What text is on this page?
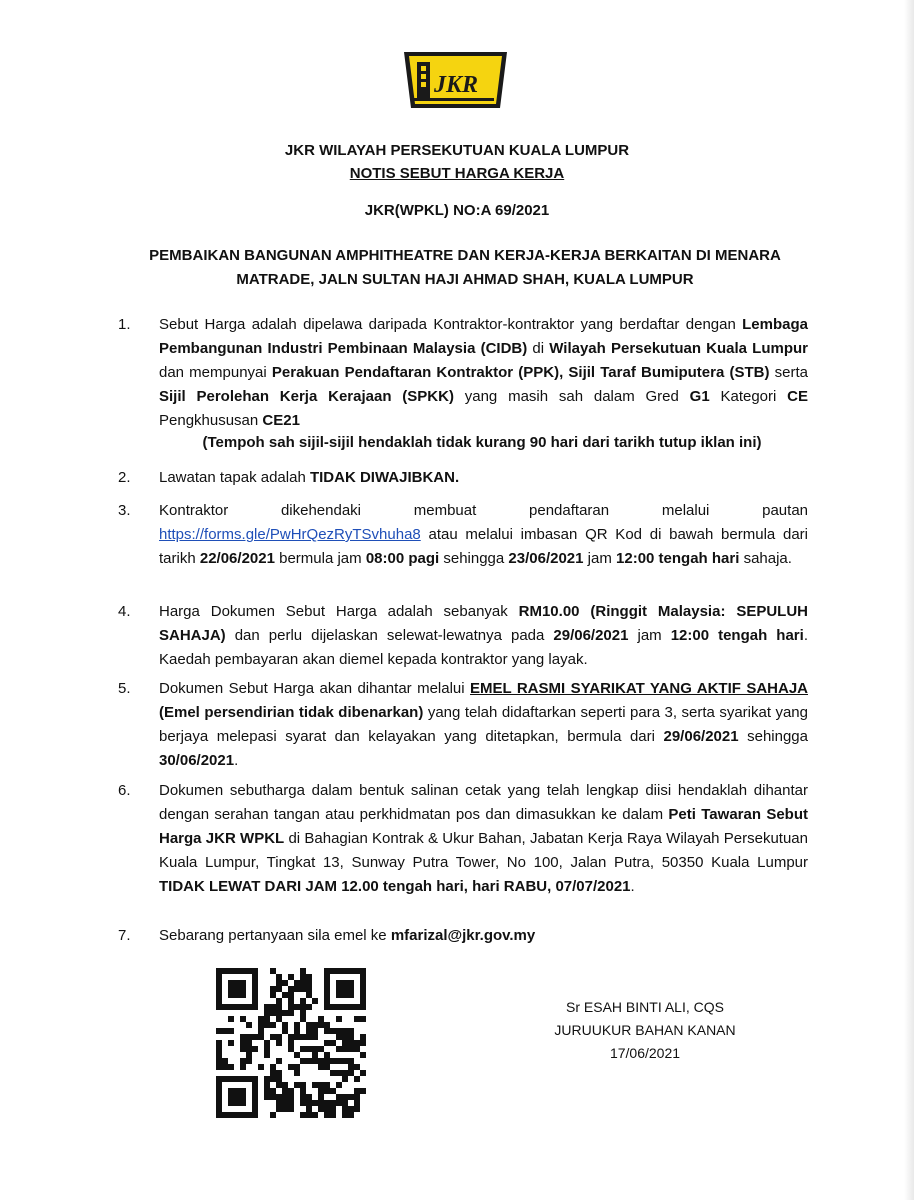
JKR
JKR WILAYAH PERSEKUTUAN KUALA LUMPUR
NOTIS SEBUT HARGA KERJA
JKR(WPKL) NO:A 69/2021
PEMBAIKAN BANGUNAN AMPHITHEATRE DAN KERJA-KERJA BERKAITAN DI MENARA
MATRADE, JALN SULTAN HAJI AHMAD SHAH, KUALA LUMPUR
1.	Sebut Harga adalah dipelawa daripada Kontraktor-kontraktor yang berdaftar dengan Lembaga Pembangunan Industri Pembinaan Malaysia (CIDB) di Wilayah Persekutuan Kuala Lumpur dan mempunyai Perakuan Pendaftaran Kontraktor (PPK), Sijil Taraf Bumiputera (STB) serta Sijil Perolehan Kerja Kerajaan (SPKK) yang masih sah dalam Gred G1 Kategori CE Pengkhususan CE21
(Tempoh sah sijil-sijil hendaklah tidak kurang 90 hari dari tarikh tutup iklan ini)
2.	Lawatan tapak adalah TIDAK DIWAJIBKAN.
3.	Kontraktor dikehendaki membuat pendaftaran melalui pautan https://forms.gle/PwHrQezRyTSvhuha8 atau melalui imbasan QR Kod di bawah bermula dari tarikh 22/06/2021 bermula jam 08:00 pagi sehingga 23/06/2021 jam 12:00 tengah hari sahaja.
4.	Harga Dokumen Sebut Harga adalah sebanyak RM10.00 (Ringgit Malaysia: SEPULUH SAHAJA) dan perlu dijelaskan selewat-lewatnya pada 29/06/2021 jam 12:00 tengah hari. Kaedah pembayaran akan diemel kepada kontraktor yang layak.
5.	Dokumen Sebut Harga akan dihantar melalui EMEL RASMI SYARIKAT YANG AKTIF SAHAJA (Emel persendirian tidak dibenarkan) yang telah didaftarkan seperti para 3, serta syarikat yang berjaya melepasi syarat dan kelayakan yang ditetapkan, bermula dari 29/06/2021 sehingga 30/06/2021.
6.	Dokumen sebutharga dalam bentuk salinan cetak yang telah lengkap diisi hendaklah dihantar dengan serahan tangan atau perkhidmatan pos dan dimasukkan ke dalam Peti Tawaran Sebut Harga JKR WPKL di Bahagian Kontrak & Ukur Bahan, Jabatan Kerja Raya Wilayah Persekutuan Kuala Lumpur, Tingkat 13, Sunway Putra Tower, No 100, Jalan Putra, 50350 Kuala Lumpur TIDAK LEWAT DARI JAM 12.00 tengah hari, hari RABU, 07/07/2021.
7.	Sebarang pertanyaan sila emel ke mfarizal@jkr.gov.my
Sr ESAH BINTI ALI, CQS
JURUUKUR BAHAN KANAN
17/06/2021
